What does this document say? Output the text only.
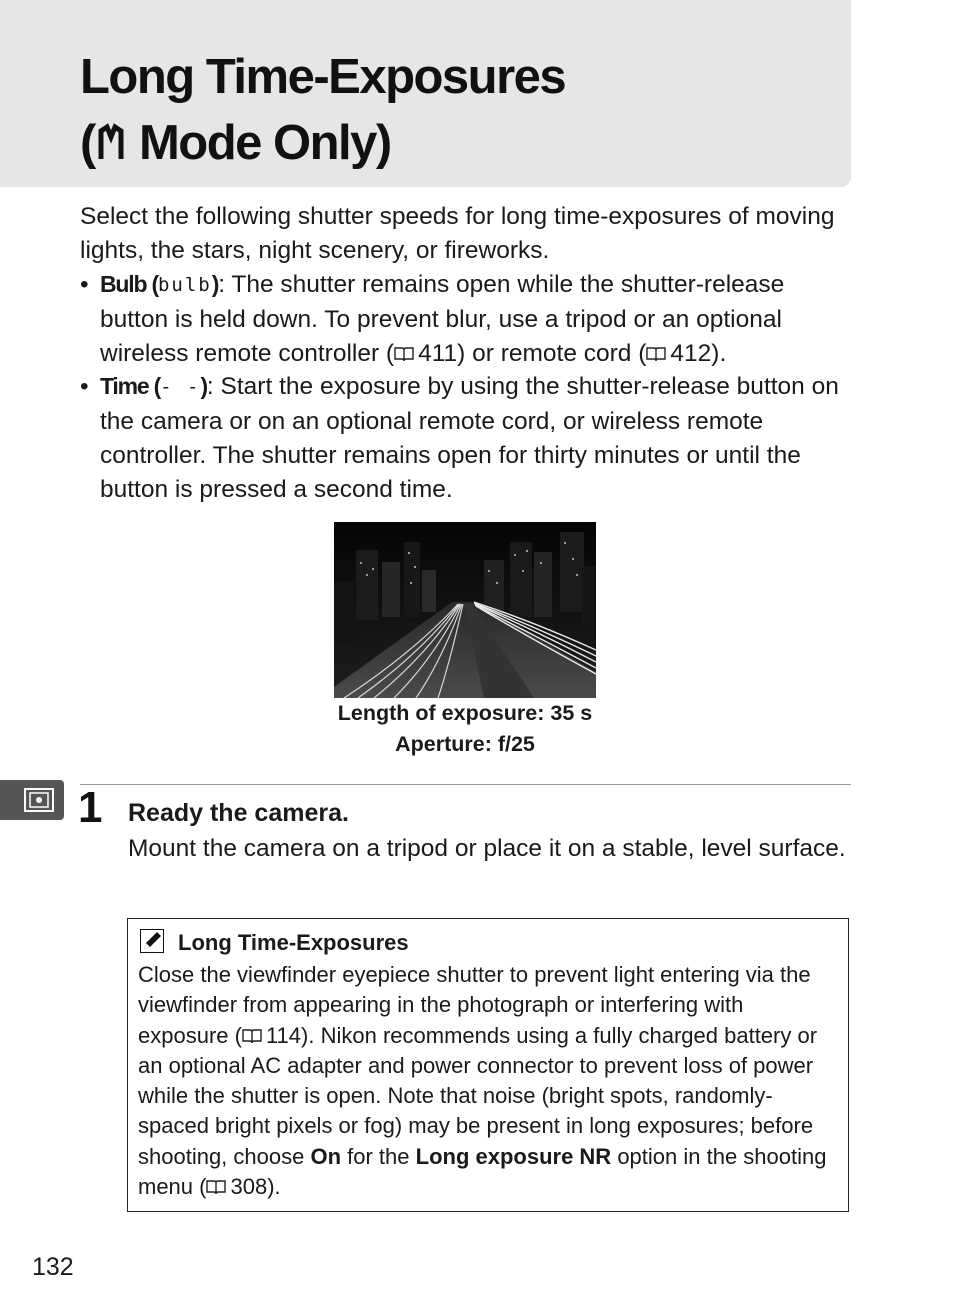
Long Time-Exposures
( Mode Only)

Select the following shutter speeds for long time-exposures of moving lights, the stars, night scenery, or fireworks.

• Bulb (bulb): The shutter remains open while the shutter-release button is held down. To prevent blur, use a tripod or an optional wireless remote controller ( 411) or remote cord ( 412).
• Time (- -): Start the exposure by using the shutter-release button on the camera or on an optional remote cord, or wireless remote controller. The shutter remains open for thirty minutes or until the button is pressed a second time.
Length of exposure: 35 s
Aperture: f/25
1 Ready the camera.

Mount the camera on a tripod or place it on a stable, level surface.

Long Time-Exposures

Close the viewfinder eyepiece shutter to prevent light entering via the viewfinder from appearing in the photograph or interfering with exposure ( 114). Nikon recommends using a fully charged battery or an optional AC adapter and power connector to prevent loss of power while the shutter is open. Note that noise (bright spots, randomly-spaced bright pixels or fog) may be present in long exposures; before shooting, choose On for the Long exposure NR option in the shooting menu ( 308).

132
